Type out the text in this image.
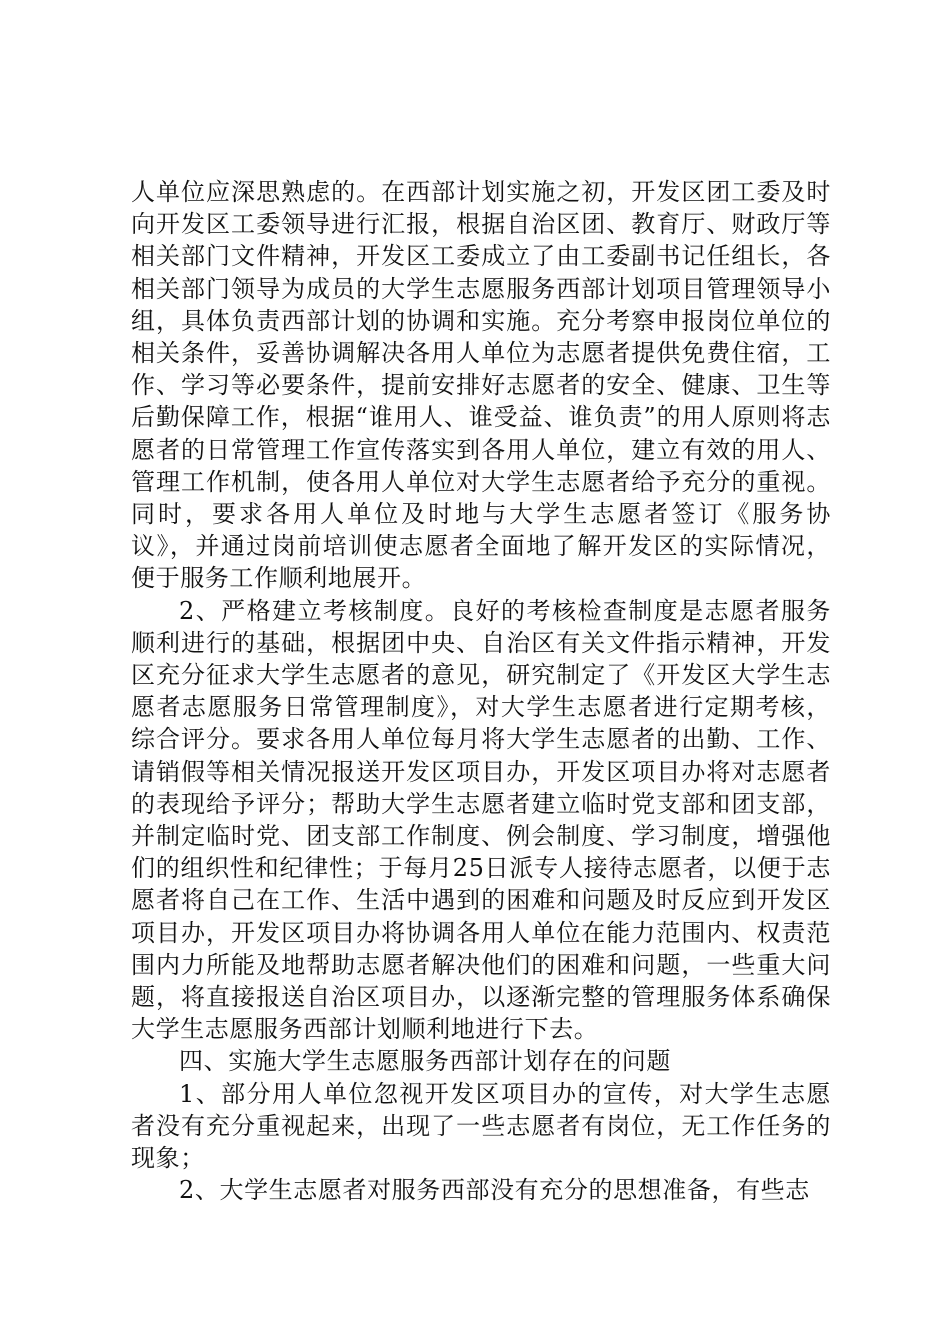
人单位应深思熟虑的。在西部计划实施之初，开发区团工委及时向开发区工委领导进行汇报，根据自治区团、教育厅、财政厅等相关部门文件精神，开发区工委成立了由工委副书记任组长，各相关部门领导为成员的大学生志愿服务西部计划项目管理领导小组，具体负责西部计划的协调和实施。充分考察申报岗位单位的相关条件，妥善协调解决各用人单位为志愿者提供免费住宿，工作、学习等必要条件，提前安排好志愿者的安全、健康、卫生等后勤保障工作，根据“谁用人、谁受益、谁负责”的用人原则将志愿者的日常管理工作宣传落实到各用人单位，建立有效的用人、管理工作机制，使各用人单位对大学生志愿者给予充分的重视。同时，要求各用人单位及时地与大学生志愿者签订《服务协议》，并通过岗前培训使志愿者全面地了解开发区的实际情况，便于服务工作顺利地展开。

2、严格建立考核制度。良好的考核检查制度是志愿者服务顺利进行的基础，根据团中央、自治区有关文件指示精神，开发区充分征求大学生志愿者的意见，研究制定了《开发区大学生志愿者志愿服务日常管理制度》，对大学生志愿者进行定期考核，综合评分。要求各用人单位每月将大学生志愿者的出勤、工作、请销假等相关情况报送开发区项目办，开发区项目办将对志愿者的表现给予评分；帮助大学生志愿者建立临时党支部和团支部，并制定临时党、团支部工作制度、例会制度、学习制度，增强他们的组织性和纪律性；于每月25日派专人接待志愿者，以便于志愿者将自己在工作、生活中遇到的困难和问题及时反应到开发区项目办，开发区项目办将协调各用人单位在能力范围内、权责范围内力所能及地帮助志愿者解决他们的困难和问题，一些重大问题，将直接报送自治区项目办，以逐渐完整的管理服务体系确保大学生志愿服务西部计划顺利地进行下去。

四、实施大学生志愿服务西部计划存在的问题

1、部分用人单位忽视开发区项目办的宣传，对大学生志愿者没有充分重视起来，出现了一些志愿者有岗位，无工作任务的现象；

2、大学生志愿者对服务西部没有充分的思想准备，有些志
